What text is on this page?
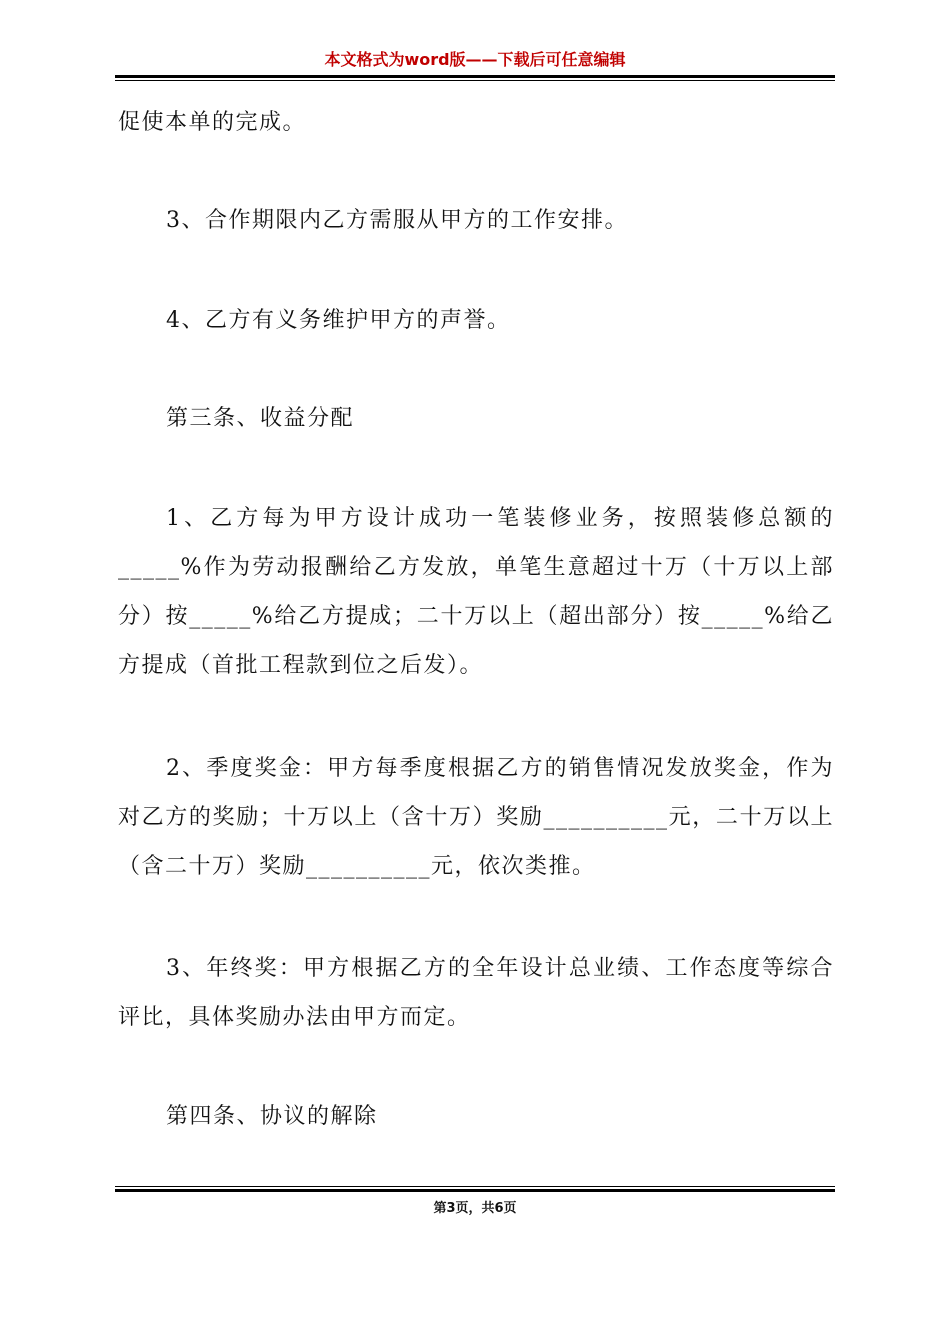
本文格式为word版——下载后可任意编辑

促使本单的完成。

3、合作期限内乙方需服从甲方的工作安排。

4、乙方有义务维护甲方的声誉。

第三条、收益分配

1、乙方每为甲方设计成功一笔装修业务，按照装修总额的_____%作为劳动报酬给乙方发放，单笔生意超过十万（十万以上部分）按_____%给乙方提成；二十万以上（超出部分）按_____%给乙方提成（首批工程款到位之后发）。

2、季度奖金：甲方每季度根据乙方的销售情况发放奖金，作为对乙方的奖励；十万以上（含十万）奖励__________元，二十万以上（含二十万）奖励__________元，依次类推。

3、年终奖：甲方根据乙方的全年设计总业绩、工作态度等综合评比，具体奖励办法由甲方而定。

第四条、协议的解除

第3页，共6页
